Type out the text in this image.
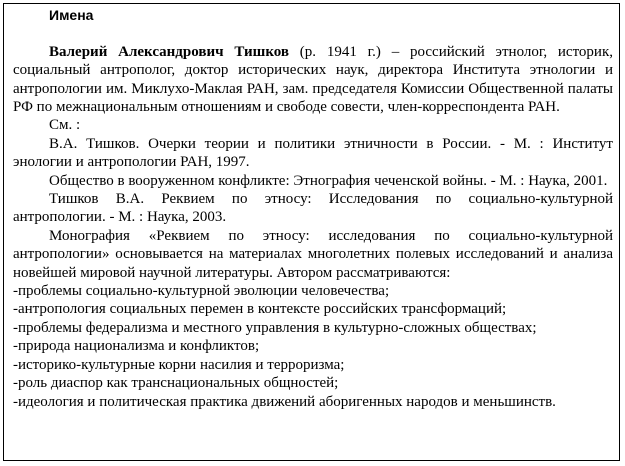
Имена

Валерий Александрович Тишков (р. 1941 г.) – российский этнолог, историк, социальный антрополог, доктор исторических наук, директора Института этнологии и антропологии им. Миклухо-Маклая РАН, зам. председателя Комиссии Общественной палаты РФ по межнациональным отношениям и свободе совести, член-корреспондента РАН.

См. :

В.А. Тишков. Очерки теории и политики этничности в России. - М. : Институт энологии и антропологии РАН, 1997.

Общество в вооруженном конфликте: Этнография чеченской войны. - М. : Наука, 2001.

Тишков В.А. Реквием по этносу: Исследования по социально-культурной антропологии. - М. : Наука, 2003.

Монография «Реквием по этносу: исследования по социально-культурной антропологии» основывается на материалах многолетних полевых исследований и анализа новейшей мировой научной литературы. Автором рассматриваются:

-проблемы социально-культурной эволюции человечества;
-антропология социальных перемен в контексте российских трансформаций;
-проблемы федерализма и местного управления в культурно-сложных обществах;
-природа национализма и конфликтов;
-историко-культурные корни насилия и терроризма;
-роль диаспор как транснациональных общностей;
-идеология и политическая практика движений аборигенных народов и меньшинств.
